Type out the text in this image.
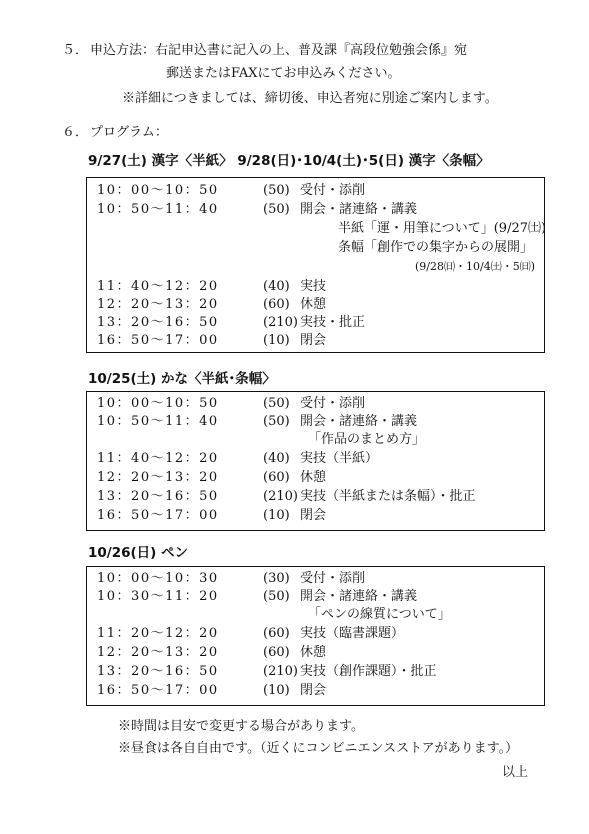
５． 申込方法：右記申込書に記入の上、普及課『高段位勉強会係』宛
郵送またはFAXにてお申込みください。
※詳細につきましては、締切後、申込者宛に別途ご案内します。
６． プログラム：
9/27(土) 漢字〈半紙〉 9/28(日)･10/4(土)･5(日) 漢字〈条幅〉
10：00～10：50	(50) 受付・添削
10：50～11：40	(50) 開会・諸連絡・講義
半紙「運・用筆について」(9/27㈯)
条幅「創作での集字からの展開」
(9/28㈰・10/4㈯・5㈰)
11：40～12：20	(40) 実技
12：20～13：20	(60) 休憩
13：20～16：50	(210) 実技・批正
16：50～17：00	(10) 閉会
10/25(土) かな〈半紙･条幅〉
10：00～10：50	(50) 受付・添削
10：50～11：40	(50) 開会・諸連絡・講義
「作品のまとめ方」
11：40～12：20	(40) 実技（半紙）
12：20～13：20	(60) 休憩
13：20～16：50	(210) 実技（半紙または条幅）・批正
16：50～17：00	(10) 閉会
10/26(日) ペン
10：00～10：30	(30) 受付・添削
10：30～11：20	(50) 開会・諸連絡・講義
「ペンの線質について」
11：20～12：20	(60) 実技（臨書課題）
12：20～13：20	(60) 休憩
13：20～16：50	(210) 実技（創作課題）・批正
16：50～17：00	(10) 閉会
※時間は目安で変更する場合があります。
※昼食は各自自由です。（近くにコンビニエンスストアがあります。）
以上
